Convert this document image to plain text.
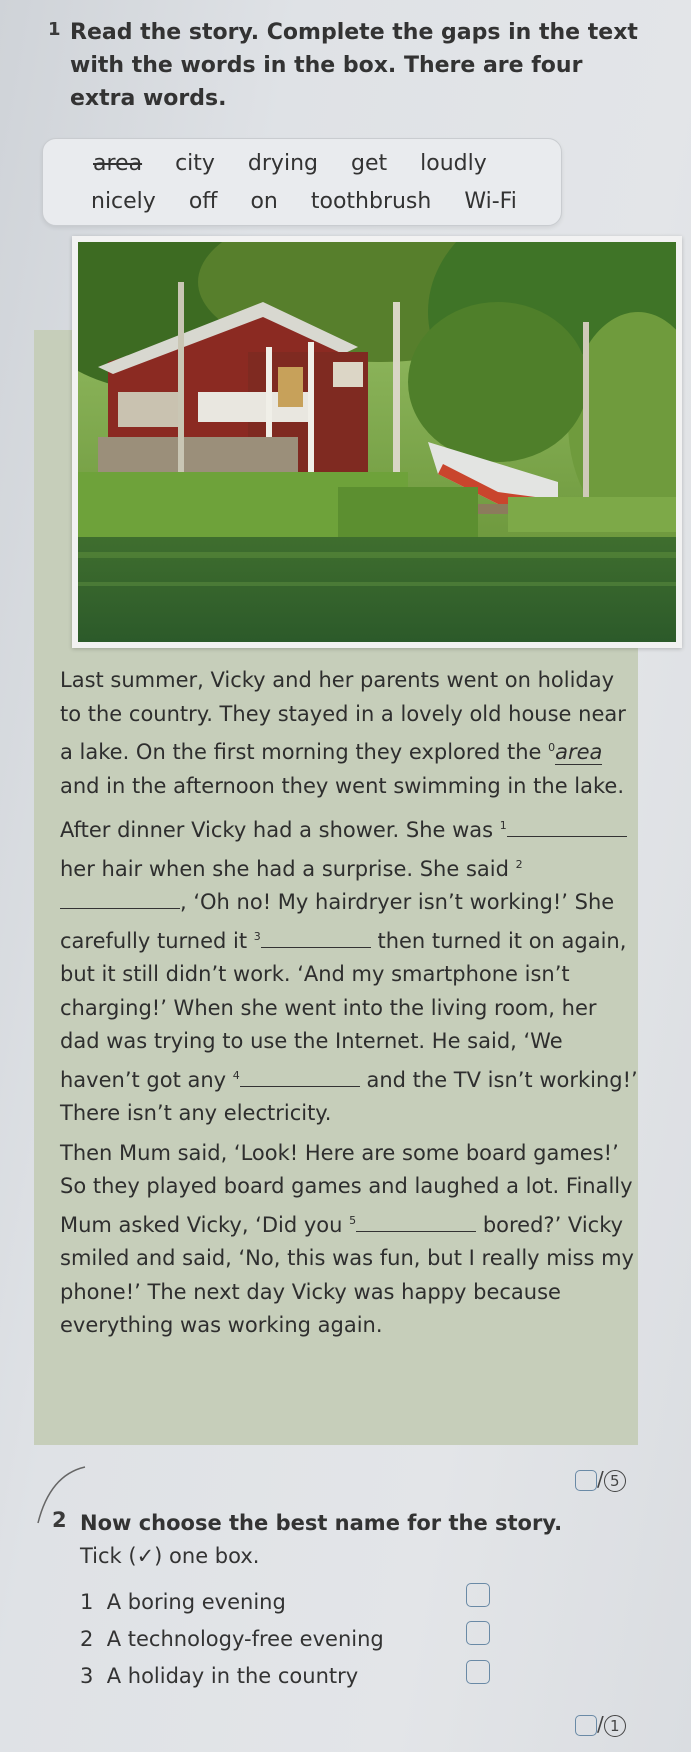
1 Read the story. Complete the gaps in the text with the words in the box. There are four extra words.
area city drying get loudly
nicely off on toothbrush Wi-Fi

Last summer, Vicky and her parents went on holiday to the country. They stayed in a lovely old house near a lake. On the first morning they explored the $^0$area and in the afternoon they went swimming in the lake.

After dinner Vicky had a shower. She was $^1$ her hair when she had a surprise. She said $^2$, ‘Oh no! My hairdryer isn’t working!’ She carefully turned it $^3$	then turned it on again, but it still didn’t work. ‘And my smartphone isn’t charging!’ When she went into the living room, her dad was trying to use the Internet. He said, ‘We haven’t got any $^4$	and the TV isn’t working!’ There isn’t any electricity.

Then Mum said, ‘Look! Here are some board games!’ So they played board games and laughed a lot. Finally Mum asked Vicky, ‘Did you $^5$	bored?’ Vicky smiled and said, ‘No, this was fun, but I really miss my phone!’ The next day Vicky was happy because everything was working again.

/ 5
2 Now choose the best name for the story.
Tick (✓) one box.
1 A boring evening
2 A technology-free evening
3 A holiday in the country
/ 1
